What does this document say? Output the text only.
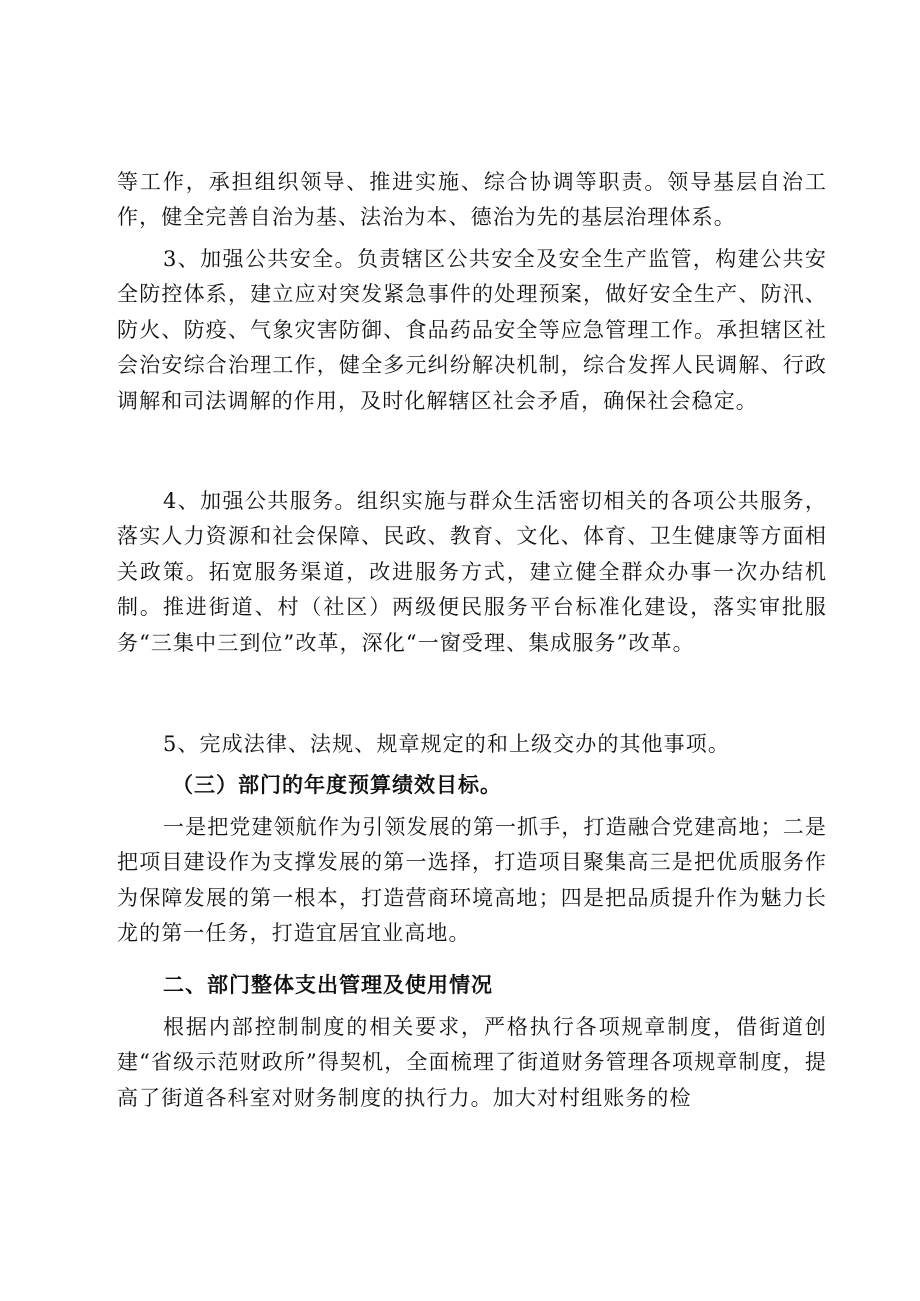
等工作，承担组织领导、推进实施、综合协调等职责。领导基层自治工作，健全完善自治为基、法治为本、德治为先的基层治理体系。

3、加强公共安全。负责辖区公共安全及安全生产监管，构建公共安全防控体系，建立应对突发紧急事件的处理预案，做好安全生产、防汛、防火、防疫、气象灾害防御、食品药品安全等应急管理工作。承担辖区社会治安综合治理工作，健全多元纠纷解决机制，综合发挥人民调解、行政调解和司法调解的作用，及时化解辖区社会矛盾，确保社会稳定。

4、加强公共服务。组织实施与群众生活密切相关的各项公共服务，落实人力资源和社会保障、民政、教育、文化、体育、卫生健康等方面相关政策。拓宽服务渠道，改进服务方式，建立健全群众办事一次办结机制。推进街道、村（社区）两级便民服务平台标准化建设，落实审批服务“三集中三到位”改革，深化“一窗受理、集成服务”改革。

5、完成法律、法规、规章规定的和上级交办的其他事项。

（三）部门的年度预算绩效目标。

一是把党建领航作为引领发展的第一抓手，打造融合党建高地；二是把项目建设作为支撑发展的第一选择，打造项目聚集高三是把优质服务作为保障发展的第一根本，打造营商环境高地；四是把品质提升作为魅力长龙的第一任务，打造宜居宜业高地。

二、部门整体支出管理及使用情况

根据内部控制制度的相关要求，严格执行各项规章制度，借街道创建“省级示范财政所”得契机，全面梳理了街道财务管理各项规章制度，提高了街道各科室对财务制度的执行力。加大对村组账务的检
